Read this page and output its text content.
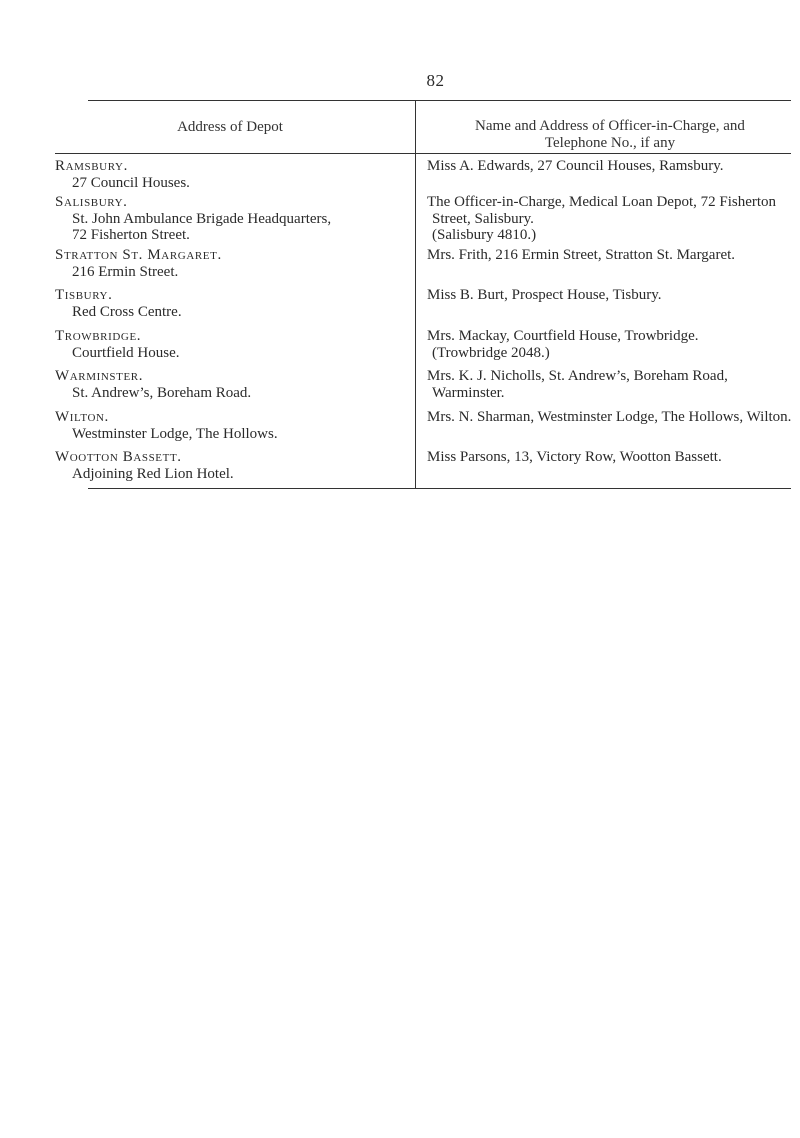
82
Address of Depot	Name and Address of Officer-in-Charge, and
Telephone No., if any
Ramsbury.
27 Council Houses.
Miss A. Edwards, 27 Council Houses, Ramsbury.
Salisbury.
St. John Ambulance Brigade Headquarters,
72 Fisherton Street.
The Officer-in-Charge, Medical Loan Depot, 72 Fisherton
Street, Salisbury.
(Salisbury 4810.)
Stratton St. Margaret.
216 Ermin Street.
Mrs. Frith, 216 Ermin Street, Stratton St. Margaret.
Tisbury.
Red Cross Centre.
Miss B. Burt, Prospect House, Tisbury.
Trowbridge.
Courtfield House.
Mrs. Mackay, Courtfield House, Trowbridge.
(Trowbridge 2048.)
Warminster.
St. Andrew’s, Boreham Road.
Mrs. K. J. Nicholls, St. Andrew’s, Boreham Road,
Warminster.
Wilton.
Westminster Lodge, The Hollows.
Mrs. N. Sharman, Westminster Lodge, The Hollows, Wilton.
Wootton Bassett.
Adjoining Red Lion Hotel.
Miss Parsons, 13, Victory Row, Wootton Bassett.
